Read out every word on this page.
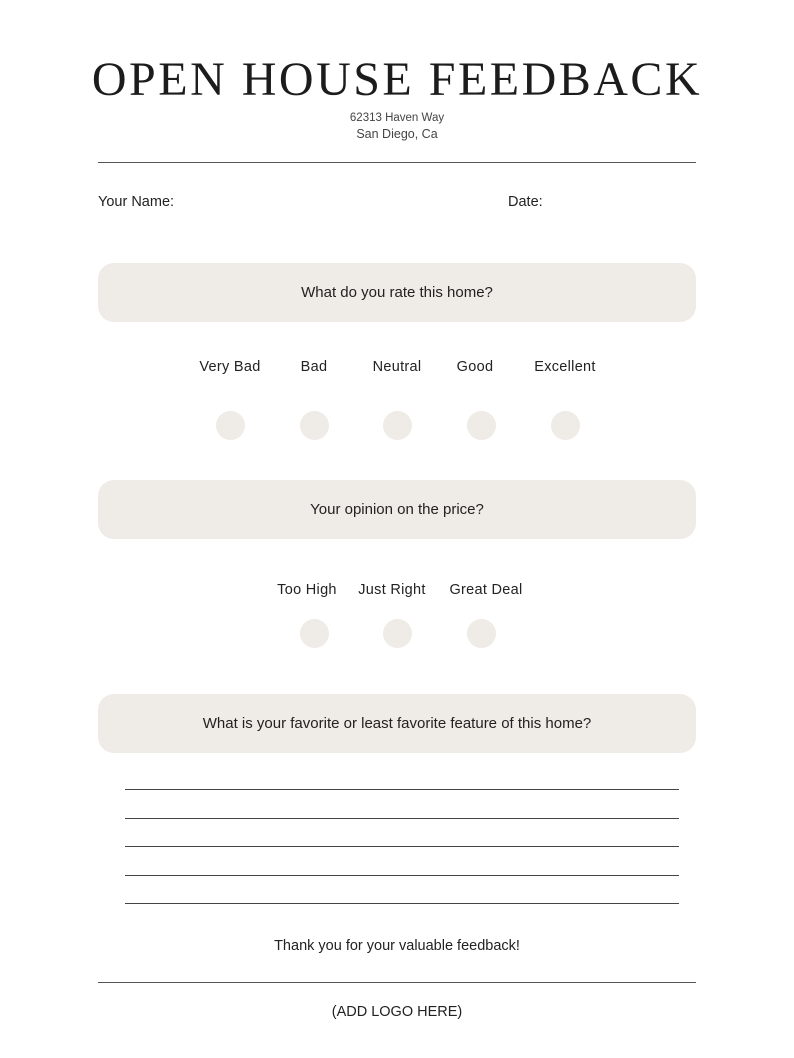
OPEN HOUSE FEEDBACK
62313 Haven Way
San Diego, Ca
Your Name:	Date:
What do you rate this home?
Very Bad	Bad	Neutral	Good	Excellent
Your opinion on the price?
Too High	Just Right	Great Deal
What is your favorite or least favorite feature of this home?
Thank you for your valuable feedback!
(ADD LOGO HERE)
